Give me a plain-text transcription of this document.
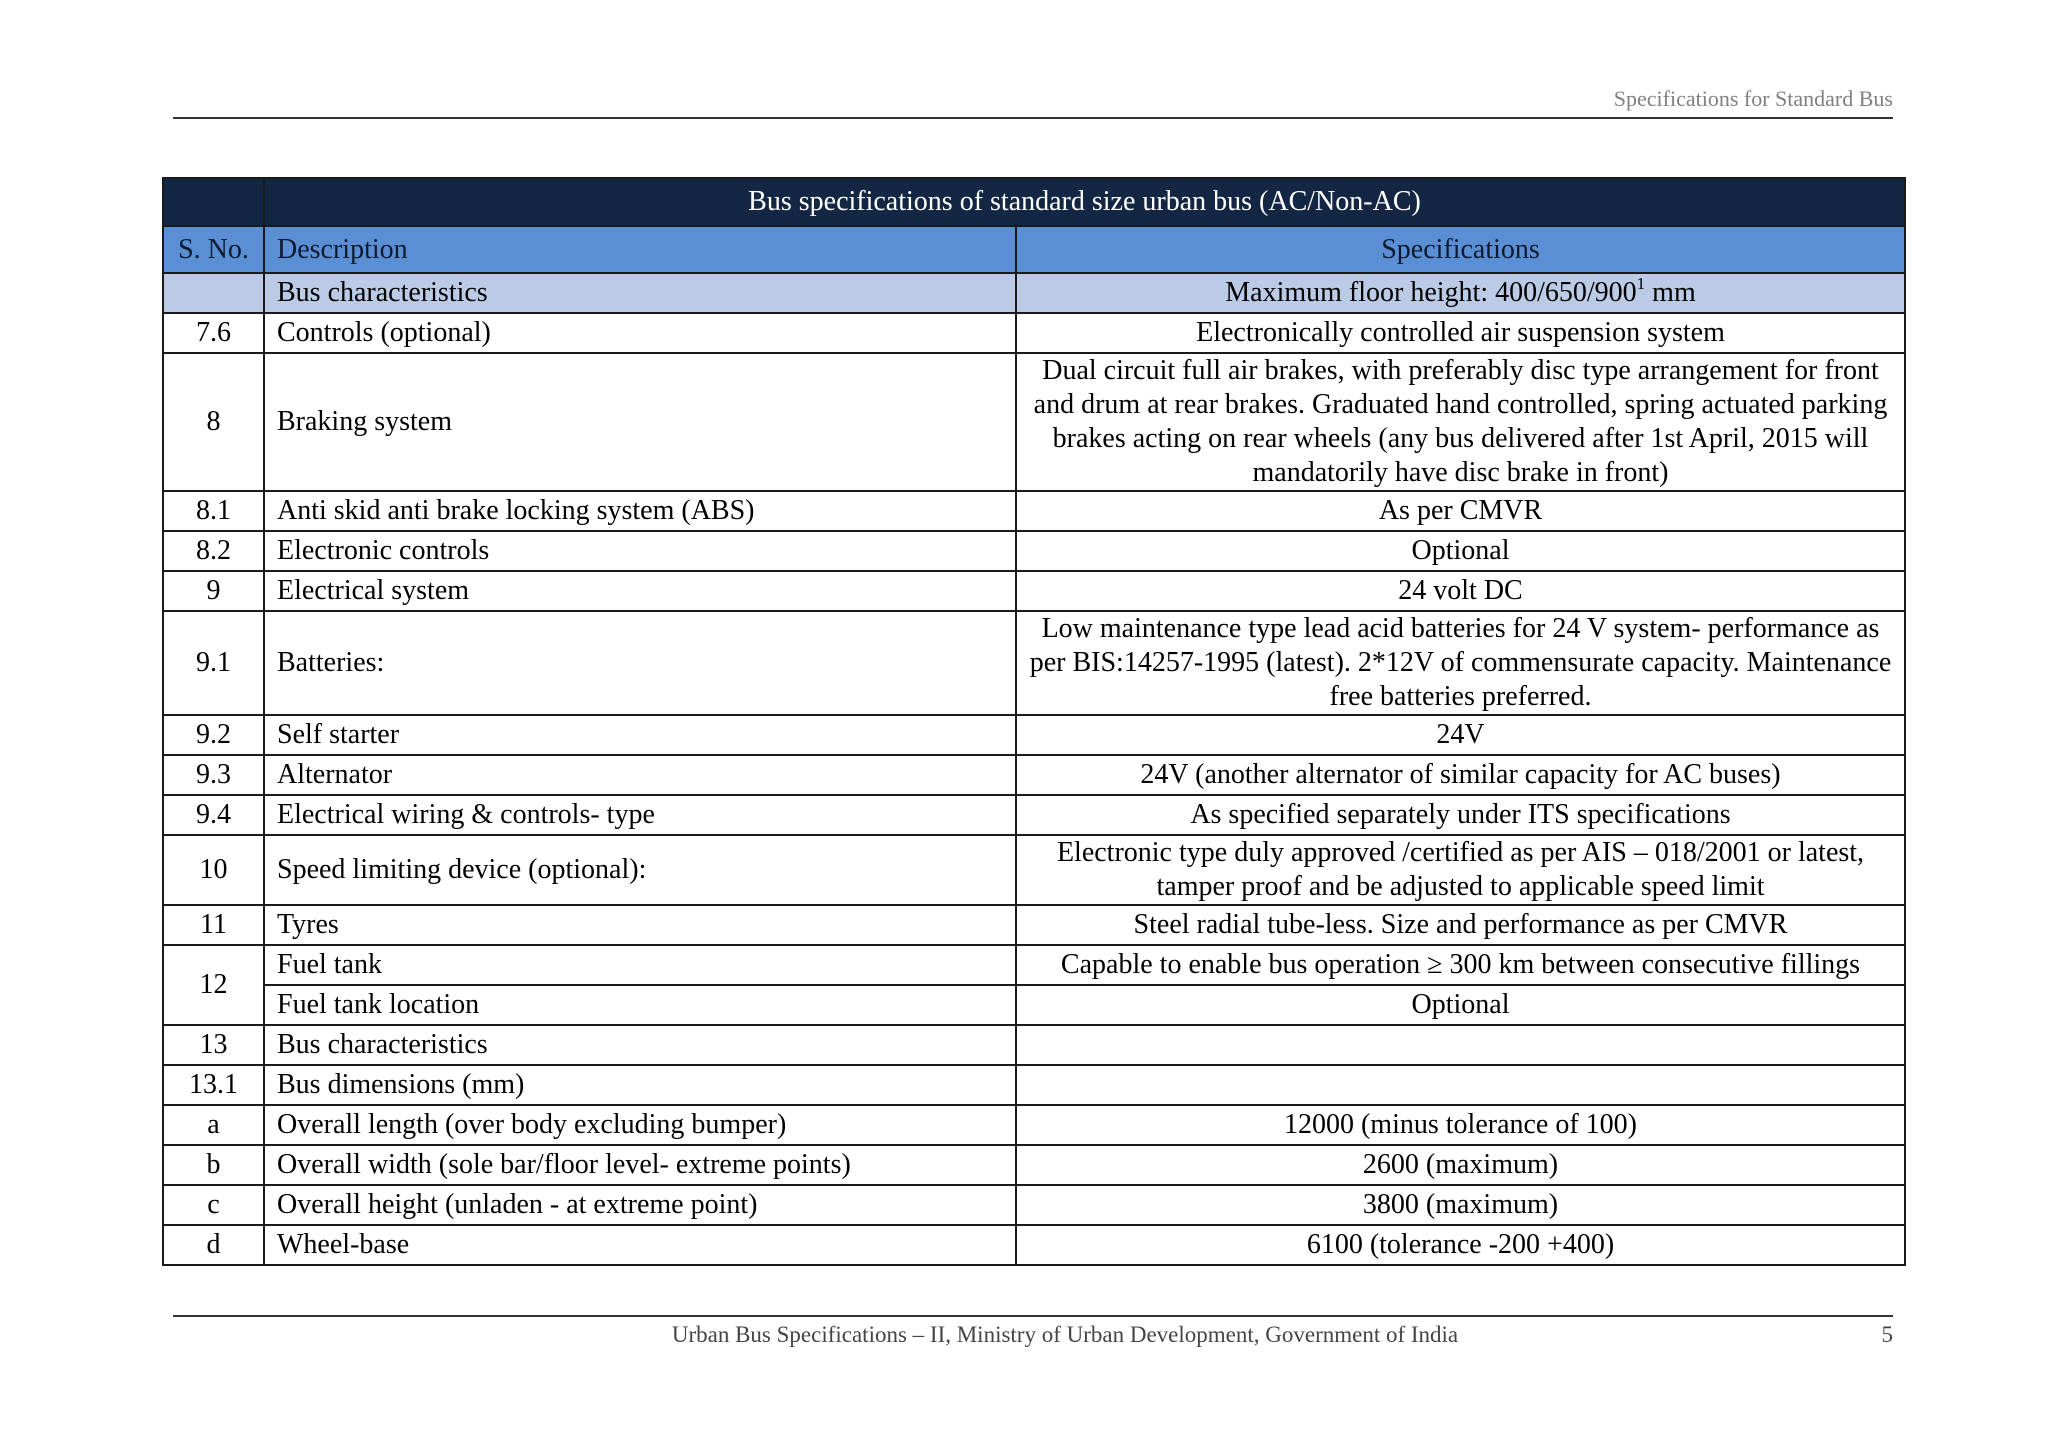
Specifications for Standard Bus
	Bus specifications of standard size urban bus (AC/Non-AC)	
S. No.	Description	Specifications
	Bus characteristics	Maximum floor height: $400/650/900^1$ mm
7.6	Controls (optional)	Electronically controlled air suspension system
8	Braking system	Dual circuit full air brakes, with preferably disc type arrangement for front and drum at rear brakes. Graduated hand controlled, spring actuated parking brakes acting on rear wheels (any bus delivered after 1st April, 2015 will mandatorily have disc brake in front)
8.1	Anti skid anti brake locking system (ABS)	As per CMVR
8.2	Electronic controls	Optional
9	Electrical system	24 volt DC
9.1	Batteries:	Low maintenance type lead acid batteries for 24 V system- performance as per BIS:14257-1995 (latest). 2*12V of commensurate capacity. Maintenance free batteries preferred.
9.2	Self starter	24V
9.3	Alternator	24V (another alternator of similar capacity for AC buses)
9.4	Electrical wiring & controls- type	As specified separately under ITS specifications
10	Speed limiting device (optional):	Electronic type duly approved /certified as per AIS – 018/2001 or latest, tamper proof and be adjusted to applicable speed limit
11	Tyres	Steel radial tube-less. Size and performance as per CMVR
12	Fuel tank	Capable to enable bus operation ≥ 300 km between consecutive fillings
	Fuel tank location	Optional
13	Bus characteristics	
13.1	Bus dimensions (mm)	
a	Overall length (over body excluding bumper)	12000 (minus tolerance of 100)
b	Overall width (sole bar/floor level- extreme points)	2600 (maximum)
c	Overall height (unladen - at extreme point)	3800 (maximum)
d	Wheel-base	6100 (tolerance -200 +400)
Urban Bus Specifications – II, Ministry of Urban Development, Government of India	5
